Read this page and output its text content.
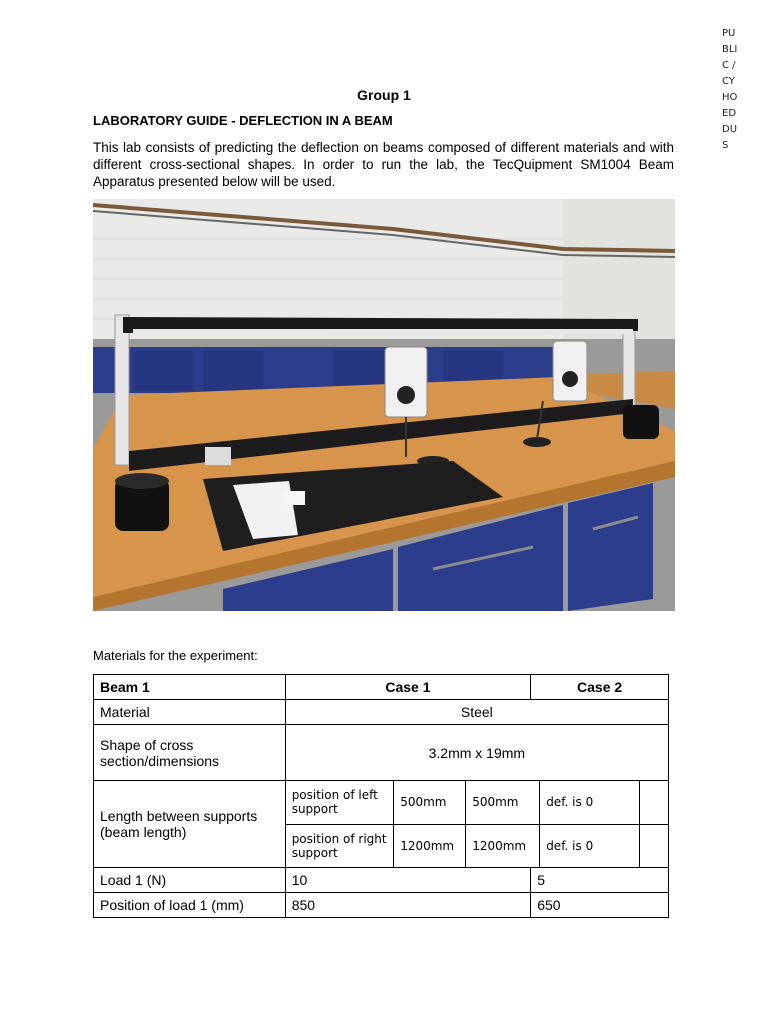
PU
BLI
C /
CY
HO
ED
DU
S
Group 1
LABORATORY GUIDE - DEFLECTION IN A BEAM
This lab consists of predicting the deflection on beams composed of different materials and with different cross-sectional shapes. In order to run the lab, the TecQuipment SM1004 Beam Apparatus presented below will be used.
Materials for the experiment:
Beam 1	Case 1	Case 2
Material	Steel
Shape of cross section/dimensions	3.2mm x 19mm
Length between supports (beam length)	
position of left support	500mm	500mm	def. is 0	
position of right support	1200mm	1200mm	def. is 0	

Load 1 (N)	10	5
Position of load 1 (mm)	850	650
